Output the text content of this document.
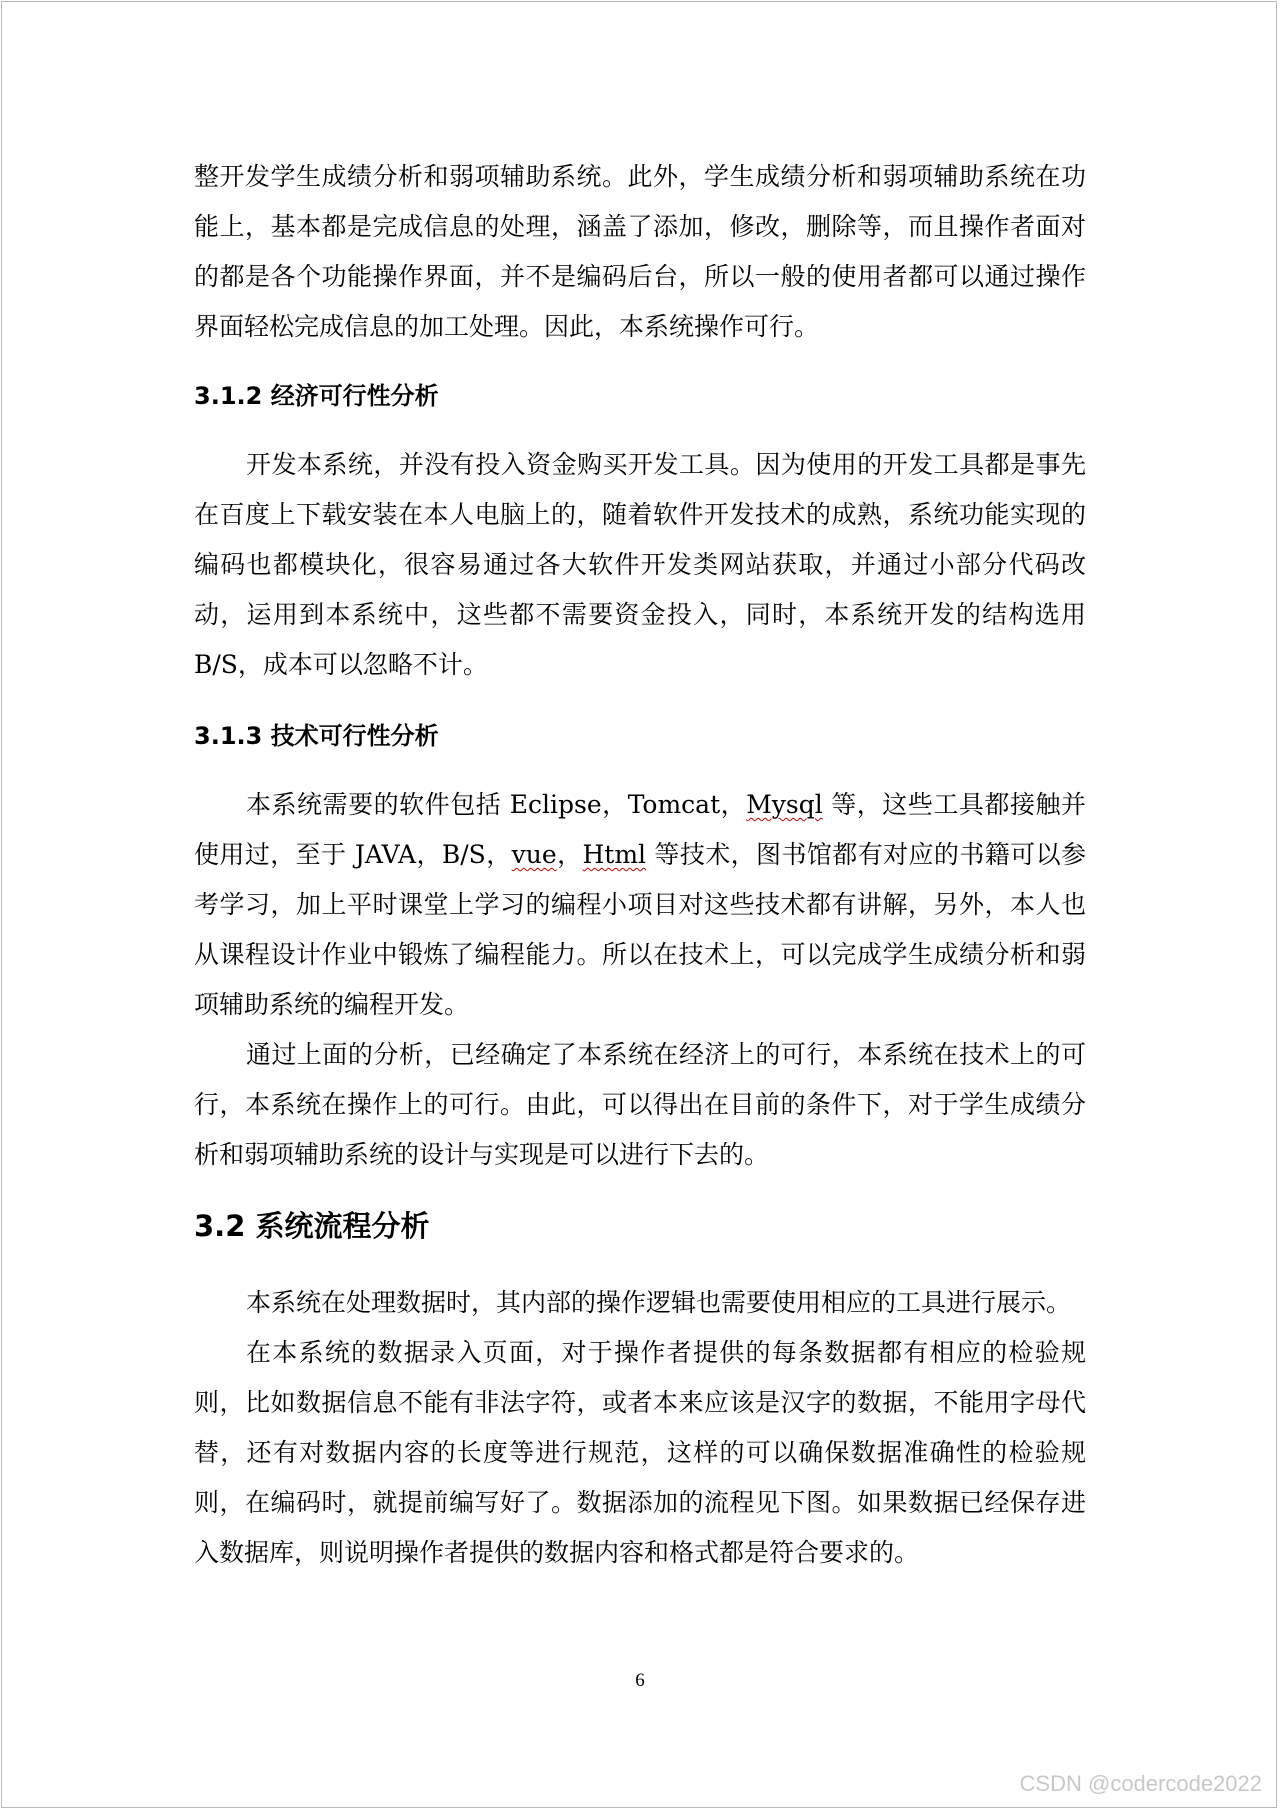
整开发学生成绩分析和弱项辅助系统。此外，学生成绩分析和弱项辅助系统在功能上，基本都是完成信息的处理，涵盖了添加，修改，删除等，而且操作者面对的都是各个功能操作界面，并不是编码后台，所以一般的使用者都可以通过操作界面轻松完成信息的加工处理。因此，本系统操作可行。

3.1.2 经济可行性分析

开发本系统，并没有投入资金购买开发工具。因为使用的开发工具都是事先在百度上下载安装在本人电脑上的，随着软件开发技术的成熟，系统功能实现的编码也都模块化，很容易通过各大软件开发类网站获取，并通过小部分代码改动，运用到本系统中，这些都不需要资金投入，同时，本系统开发的结构选用 B/S，成本可以忽略不计。

3.1.3 技术可行性分析

本系统需要的软件包括 Eclipse，Tomcat，Mysql 等，这些工具都接触并使用过，至于 JAVA，B/S，vue，Html 等技术，图书馆都有对应的书籍可以参考学习，加上平时课堂上学习的编程小项目对这些技术都有讲解，另外，本人也从课程设计作业中锻炼了编程能力。所以在技术上，可以完成学生成绩分析和弱项辅助系统的编程开发。

通过上面的分析，已经确定了本系统在经济上的可行，本系统在技术上的可行，本系统在操作上的可行。由此，可以得出在目前的条件下，对于学生成绩分析和弱项辅助系统的设计与实现是可以进行下去的。

3.2 系统流程分析

本系统在处理数据时，其内部的操作逻辑也需要使用相应的工具进行展示。

在本系统的数据录入页面，对于操作者提供的每条数据都有相应的检验规则，比如数据信息不能有非法字符，或者本来应该是汉字的数据，不能用字母代替，还有对数据内容的长度等进行规范，这样的可以确保数据准确性的检验规则，在编码时，就提前编写好了。数据添加的流程见下图。如果数据已经保存进入数据库，则说明操作者提供的数据内容和格式都是符合要求的。

6
CSDN @codercode2022
